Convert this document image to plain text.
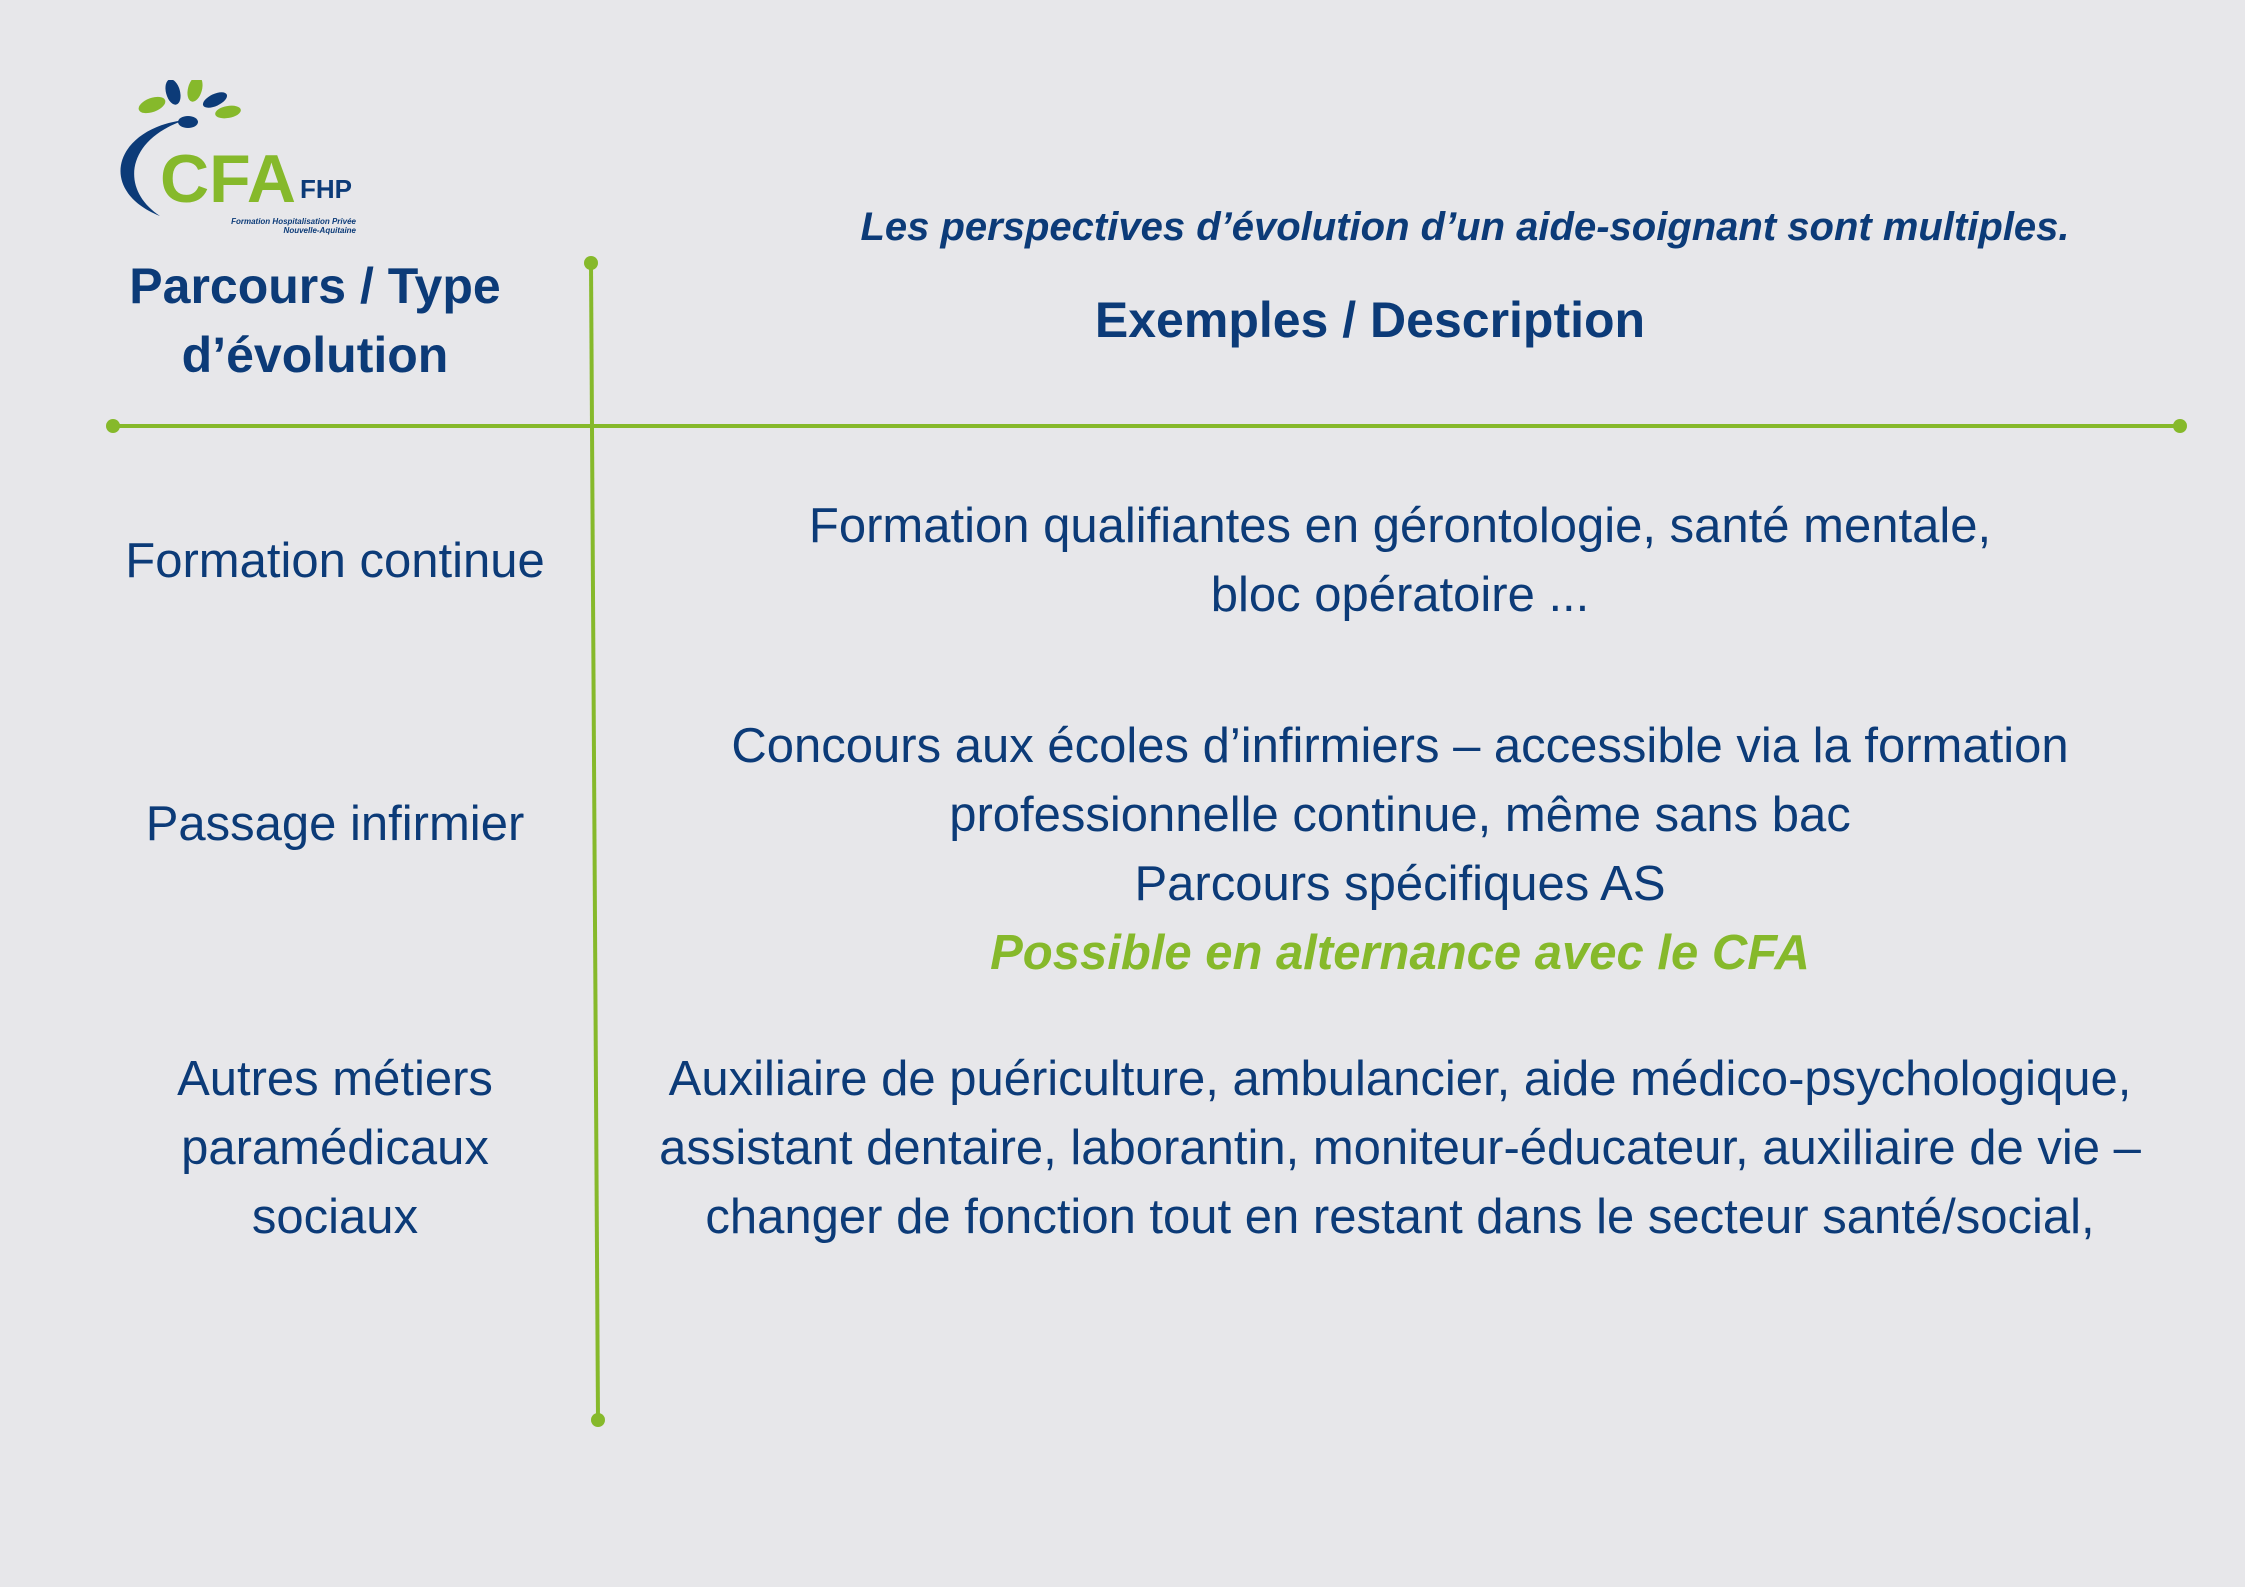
CFA FHP
Formation Hospitalisation Privée
Nouvelle-Aquitaine	Les perspectives d’évolution d’un aide-soignant sont multiples.
Parcours / Type
d’évolution
Exemples / Description
Formation continue
Formation qualifiantes en gérontologie, santé mentale,
bloc opératoire ...
Passage infirmier
Concours aux écoles d’infirmiers – accessible via la formation
professionnelle continue, même sans bac
Parcours spécifiques AS
Possible en alternance avec le CFA
Autres métiers
paramédicaux
sociaux
Auxiliaire de puériculture, ambulancier, aide médico-psychologique,
assistant dentaire, laborantin, moniteur-éducateur, auxiliaire de vie –
changer de fonction tout en restant dans le secteur santé/social,
